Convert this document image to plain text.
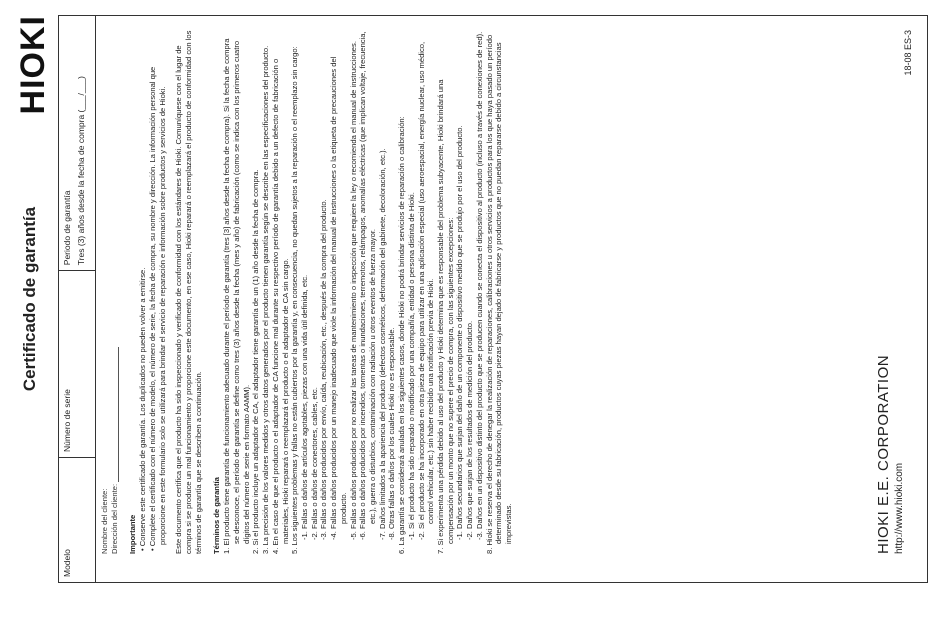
Certificado de garantía
HIOKI
Modelo	Número de serie	
Periodo de garantía Tres (3) años desde la fecha de compra (___/___)
Nombre del cliente: Dirección del cliente: Importante • Conserve este certificado de garantía. Los duplicados no pueden volver a emitirse. • Complete el certificado con el número de modelo, el número de serie, la fecha de compra, su nombre y dirección. La información personal que proporcione en este formulario solo se utilizará para brindar el servicio de reparación e información sobre productos y servicios de Hioki. Este documento certifica que el producto ha sido inspeccionado y verificado de conformidad con los estándares de Hioki. Comuníquese con el lugar de compra si se produce un mal funcionamiento y proporcione este documento, en ese caso, Hioki reparará o reemplazará el producto de conformidad con los términos de garantía que se describen a continuación. Términos de garantía 1. El producto tiene garantía de funcionamiento adecuado durante el período de garantía (tres [3] años desde la fecha de compra). Si la fecha de compra se desconoce, el período de garantía se define como tres (3) años desde la fecha (mes y año) de fabricación (como se indica con los primeros cuatro dígitos del número de serie en formato AAMM). 2. Si el producto incluye un adaptador de CA, el adaptador tiene garantía de un (1) año desde la fecha de compra. 3. La precisión de los valores medidos y otros datos generados por el producto tienen garantía según se describe en las especificaciones del producto. 4. En el caso de que el producto o el adaptador de CA funcione mal durante su respectivo período de garantía debido a un defecto de fabricación o materiales, Hioki reparará o reemplazará el producto o el adaptador de CA sin cargo. 5. Los siguientes problemas y fallas no están cubiertos por la garantía y, en consecuencia, no quedan sujetos a la reparación o el reemplazo sin cargo: -1. Fallas o daños de artículos agotables, piezas con una vida útil definida, etc. -2. Fallas o daños de conectores, cables, etc. -3. Fallas o daños producidos por envío, caída, reubicación, etc., después de la compra del producto. -4. Fallas o daños producidos por un manejo inadecuado que viole la información del manual de instrucciones o la etiqueta de precauciones del producto. -5. Fallas o daños producidos por no realizar las tareas de mantenimiento o inspección que requiere la ley o recomienda el manual de instrucciones. -6. Fallas o daños producidos por incendios, tormentas o inundaciones, terremotos, relámpagos, anomalías eléctricas (que implican voltaje, frecuencia, etc.), guerra o disturbios, contaminación con radiación u otros eventos de fuerza mayor. -7. Daños limitados a la apariencia del producto (defectos cosméticos, deformación del gabinete, decoloración, etc.). -8. Otras fallas o daños por los cuales Hioki no es responsable. 6. La garantía se considerará anulada en los siguientes casos, donde Hioki no podrá brindar servicios de reparación o calibración: -1. Si el producto ha sido reparado o modificado por una compañía, entidad o persona distinta de Hioki. -2. Si el producto se ha incorporado en otra pieza de equipo para utilizar en una aplicación especial (uso aeroespacial, energía nuclear, uso médico, control vehicular, etc.) sin haber recibido una notificación previa de Hioki. 7. Si experimenta una pérdida debido al uso del producto y Hioki determina que es responsable del problema subyacente, Hioki brindará una compensación por un monto que no supere el precio de compra, con las siguientes excepciones: -1. Daños secundarios que surjan del daño de un componente o dispositivo medido que se produjo por el uso del producto. -2. Daños que surjan de los resultados de medición del producto. -3. Daños en un dispositivo distinto del producto que se producen cuando se conecta el dispositivo al producto (incluso a través de conexiones de red). 8. Hioki se reserva el derecho de denegar la realización de reparaciones, calibraciones u otros servicios a productos para los que haya pasado un período determinado desde su fabricación, productos cuyas piezas hayan dejado de fabricarse y productos que no puedan repararse debido a circunstancias imprevistas.	HIOKI E.E. CORPORATION http://www.hioki.com
18-08 ES-3
